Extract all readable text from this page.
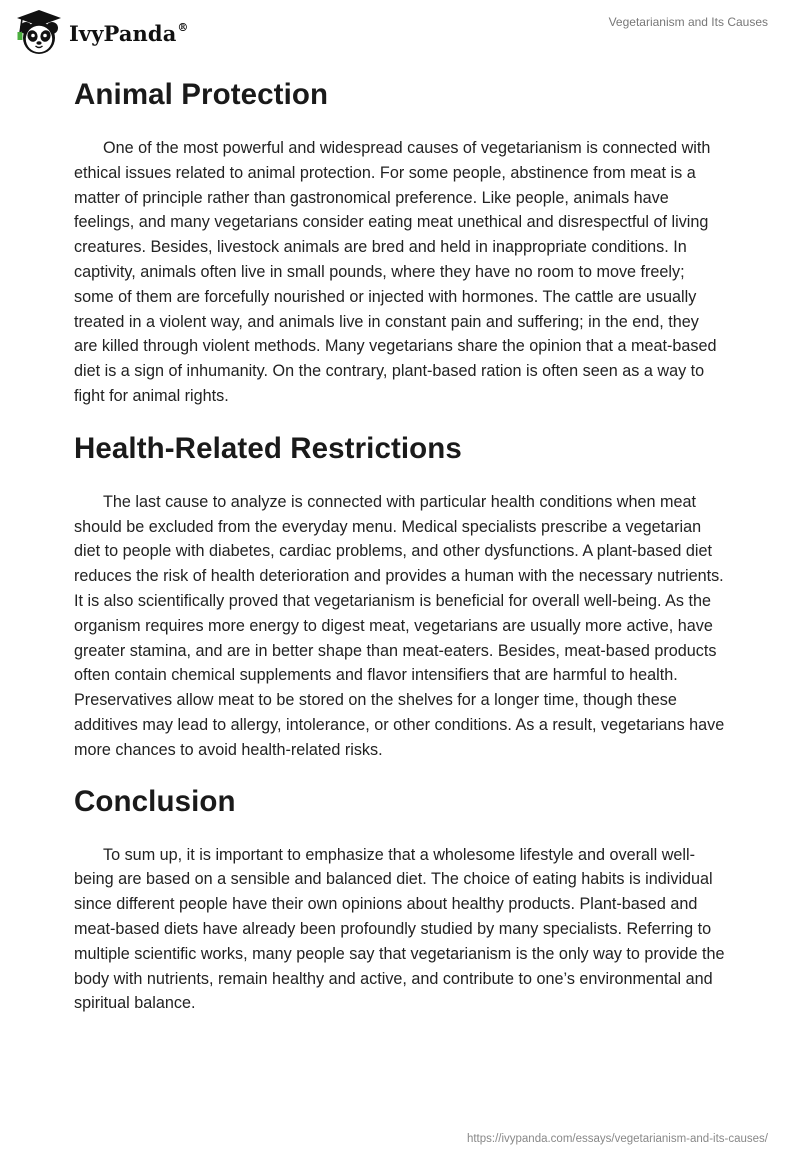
IvyPanda®	Vegetarianism and Its Causes
Animal Protection

One of the most powerful and widespread causes of vegetarianism is connected with ethical issues related to animal protection. For some people, abstinence from meat is a matter of principle rather than gastronomical preference. Like people, animals have feelings, and many vegetarians consider eating meat unethical and disrespectful of living creatures. Besides, livestock animals are bred and held in inappropriate conditions. In captivity, animals often live in small pounds, where they have no room to move freely; some of them are forcefully nourished or injected with hormones. The cattle are usually treated in a violent way, and animals live in constant pain and suffering; in the end, they are killed through violent methods. Many vegetarians share the opinion that a meat-based diet is a sign of inhumanity. On the contrary, plant-based ration is often seen as a way to fight for animal rights.

Health-Related Restrictions

The last cause to analyze is connected with particular health conditions when meat should be excluded from the everyday menu. Medical specialists prescribe a vegetarian diet to people with diabetes, cardiac problems, and other dysfunctions. A plant-based diet reduces the risk of health deterioration and provides a human with the necessary nutrients. It is also scientifically proved that vegetarianism is beneficial for overall well-being. As the organism requires more energy to digest meat, vegetarians are usually more active, have greater stamina, and are in better shape than meat-eaters. Besides, meat-based products often contain chemical supplements and flavor intensifiers that are harmful to health. Preservatives allow meat to be stored on the shelves for a longer time, though these additives may lead to allergy, intolerance, or other conditions. As a result, vegetarians have more chances to avoid health-related risks.

Conclusion

To sum up, it is important to emphasize that a wholesome lifestyle and overall well-being are based on a sensible and balanced diet. The choice of eating habits is individual since different people have their own opinions about healthy products. Plant-based and meat-based diets have already been profoundly studied by many specialists. Referring to multiple scientific works, many people say that vegetarianism is the only way to provide the body with nutrients, remain healthy and active, and contribute to one’s environmental and spiritual balance.

https://ivypanda.com/essays/vegetarianism-and-its-causes/
